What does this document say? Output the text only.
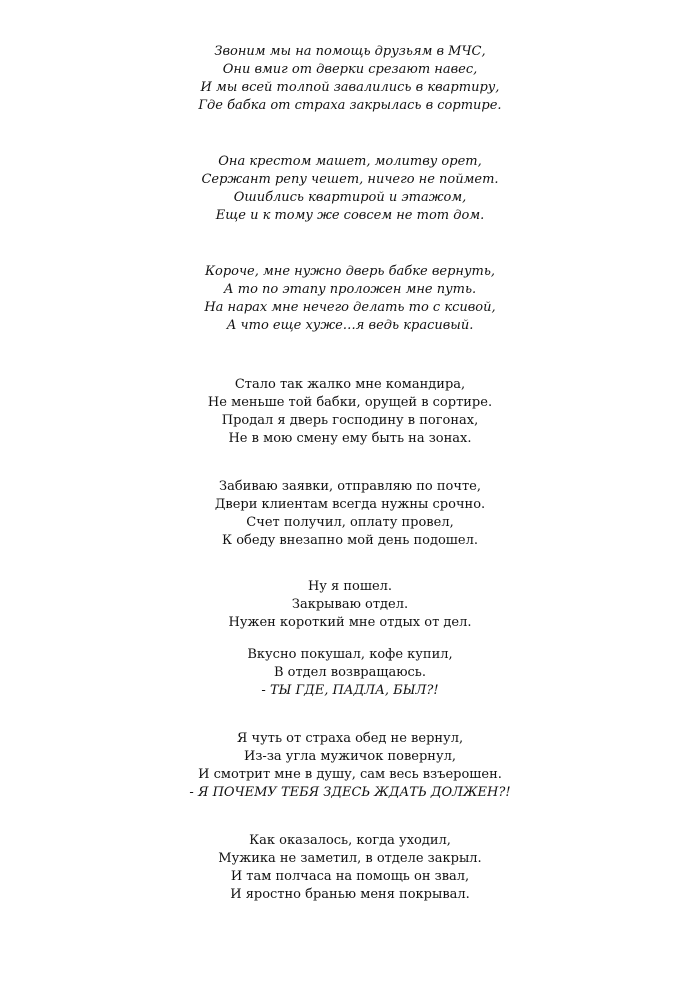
Звоним мы на помощь друзьям в МЧС,
Они вмиг от дверки срезают навес,
И мы всей толпой завалились в квартиру,
Где бабка от страха закрылась в сортире.
Она крестом машет, молитву орет,
Сержант репу чешет, ничего не поймет.
Ошиблись квартирой и этажом,
Еще и к тому же совсем не тот дом.
Короче, мне нужно дверь бабке вернуть,
А то по этапу проложен мне путь.
На нарах мне нечего делать то с ксивой,
А что еще хуже…я ведь красивый.
Стало так жалко мне командира,
Не меньше той бабки, орущей в сортире.
Продал я дверь господину в погонах,
Не в мою смену ему быть на зонах.
Забиваю заявки, отправляю по почте,
Двери клиентам всегда нужны срочно.
Счет получил, оплату провел,
К обеду внезапно мой день подошел.
Ну я пошел.
Закрываю отдел.
Нужен короткий мне отдых от дел.
Вкусно покушал, кофе купил,
В отдел возвращаюсь.
- ТЫ ГДЕ, ПАДЛА, БЫЛ?!
Я чуть от страха обед не вернул,
Из-за угла мужичок повернул,
И смотрит мне в душу, сам весь взъерошен.
- Я ПОЧЕМУ ТЕБЯ ЗДЕСЬ ЖДАТЬ ДОЛЖЕН?!
Как оказалось, когда уходил,
Мужика не заметил, в отделе закрыл.
И там полчаса на помощь он звал,
И яростно бранью меня покрывал.
